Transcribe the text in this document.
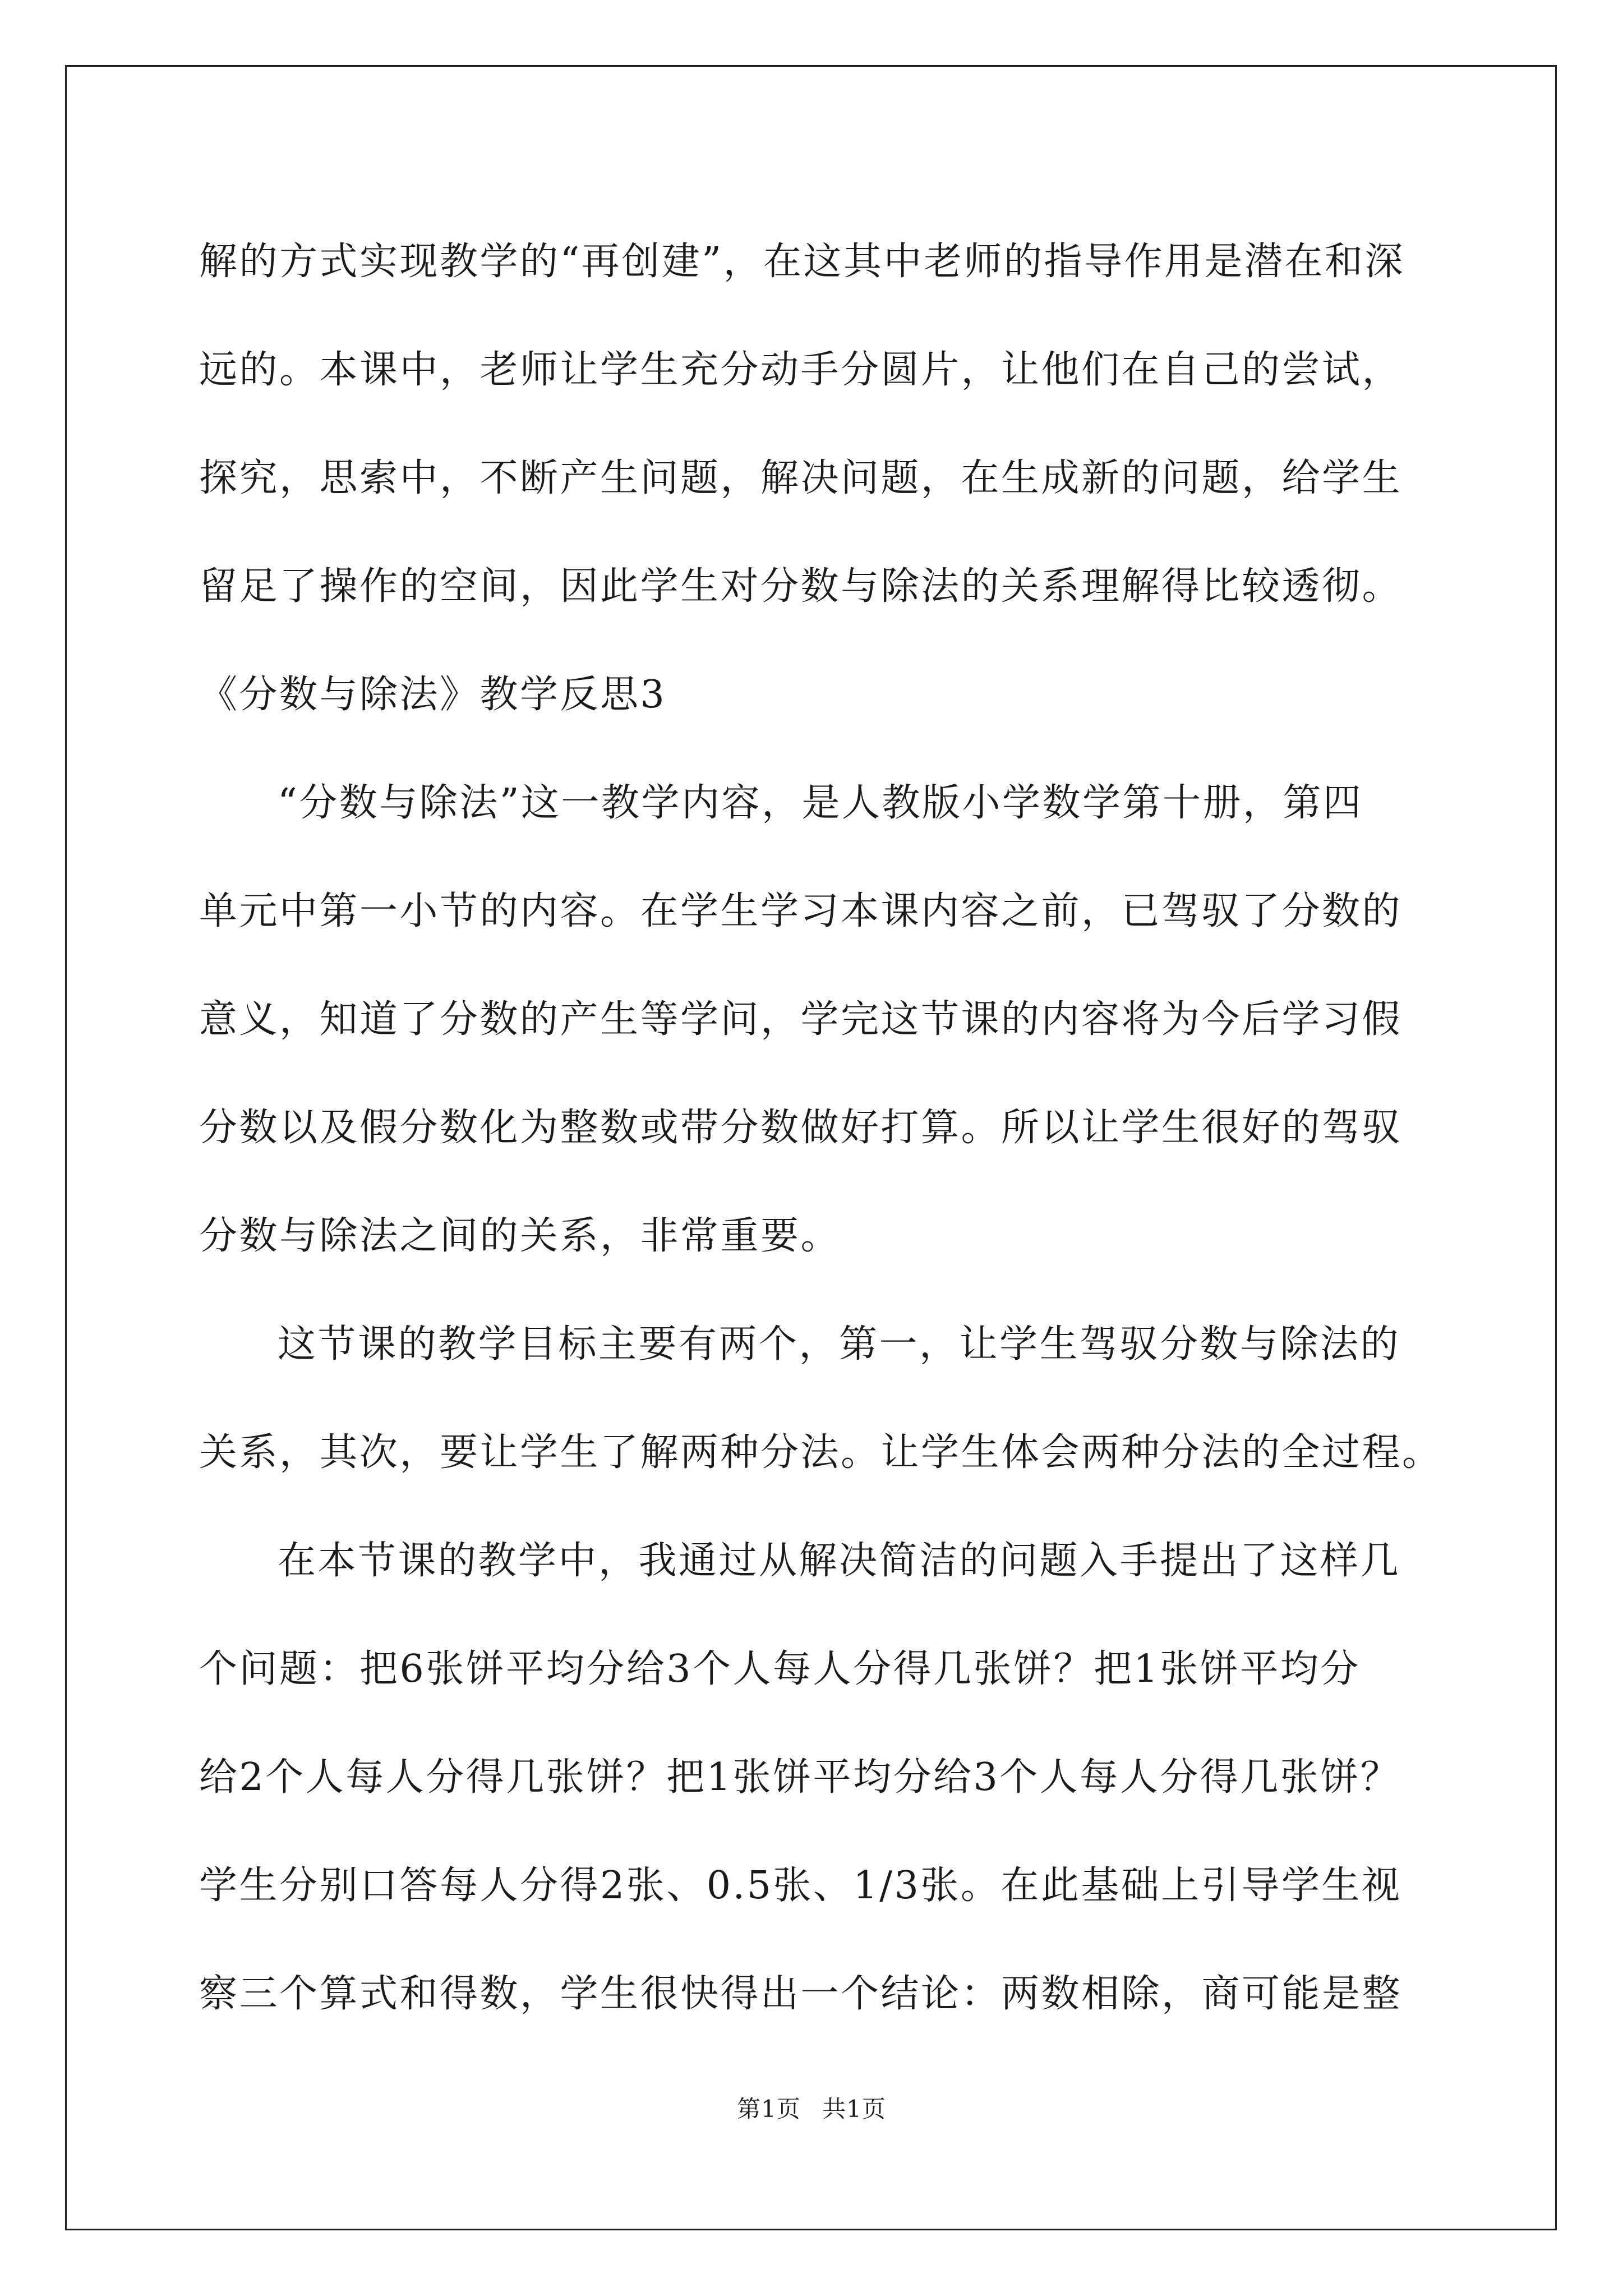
解的方式实现教学的“再创建”，在这其中老师的指导作用是潜在和深
远的。本课中，老师让学生充分动手分圆片，让他们在自己的尝试，
探究，思索中，不断产生问题，解决问题，在生成新的问题，给学生
留足了操作的空间，因此学生对分数与除法的关系理解得比较透彻。
《分数与除法》教学反思3
“分数与除法”这一教学内容，是人教版小学数学第十册，第四
单元中第一小节的内容。在学生学习本课内容之前，已驾驭了分数的
意义，知道了分数的产生等学问，学完这节课的内容将为今后学习假
分数以及假分数化为整数或带分数做好打算。所以让学生很好的驾驭
分数与除法之间的关系，非常重要。
这节课的教学目标主要有两个，第一，让学生驾驭分数与除法的
关系，其次，要让学生了解两种分法。让学生体会两种分法的全过程。
在本节课的教学中，我通过从解决简洁的问题入手提出了这样几
个问题：把6张饼平均分给3个人每人分得几张饼？把1张饼平均分
给2个人每人分得几张饼？把1张饼平均分给3个人每人分得几张饼？
学生分别口答每人分得2张、0.5张、1/3张。在此基础上引导学生视
察三个算式和得数，学生很快得出一个结论：两数相除，商可能是整
第1页 共1页
